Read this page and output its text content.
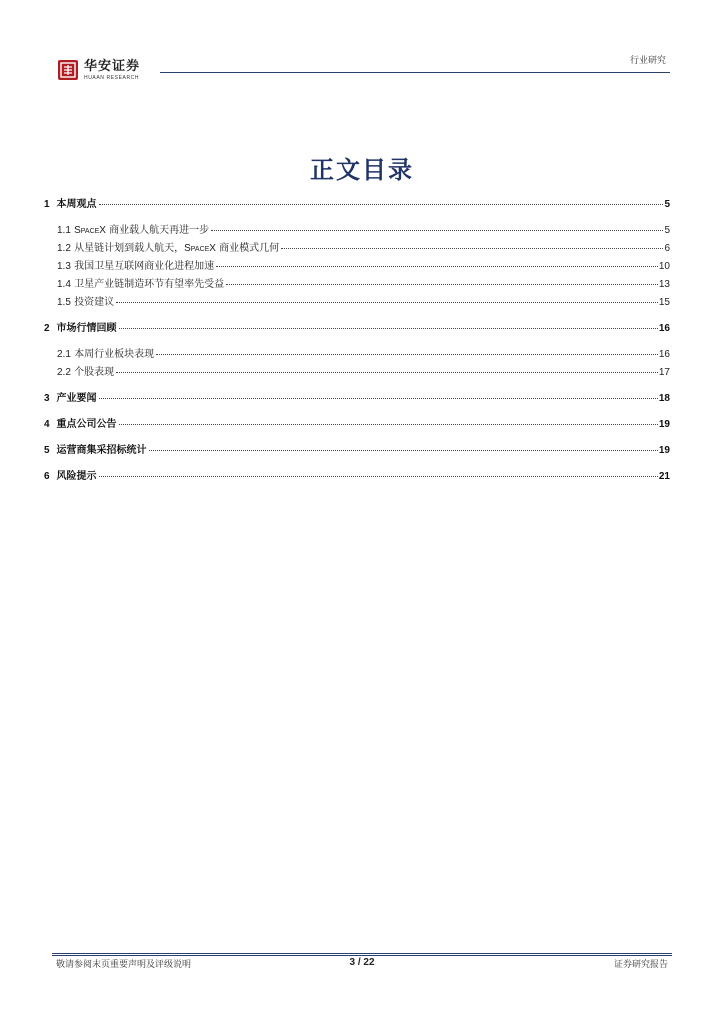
华安证券
HUAAN RESEARCH
行业研究
正文目录
1 本周观点	5
1.1 SpaceX 商业载人航天再进一步	5
1.2 从星链计划到载人航天，SpaceX 商业模式几何	6
1.3 我国卫星互联网商业化进程加速	10
1.4 卫星产业链制造环节有望率先受益	13
1.5 投资建议	15
2 市场行情回顾	16
2.1 本周行业板块表现	16
2.2 个股表现	17
3 产业要闻	18
4 重点公司公告	19
5 运营商集采招标统计	19
6 风险提示	21
敬请参阅末页重要声明及评级说明	3 / 22	证券研究报告
